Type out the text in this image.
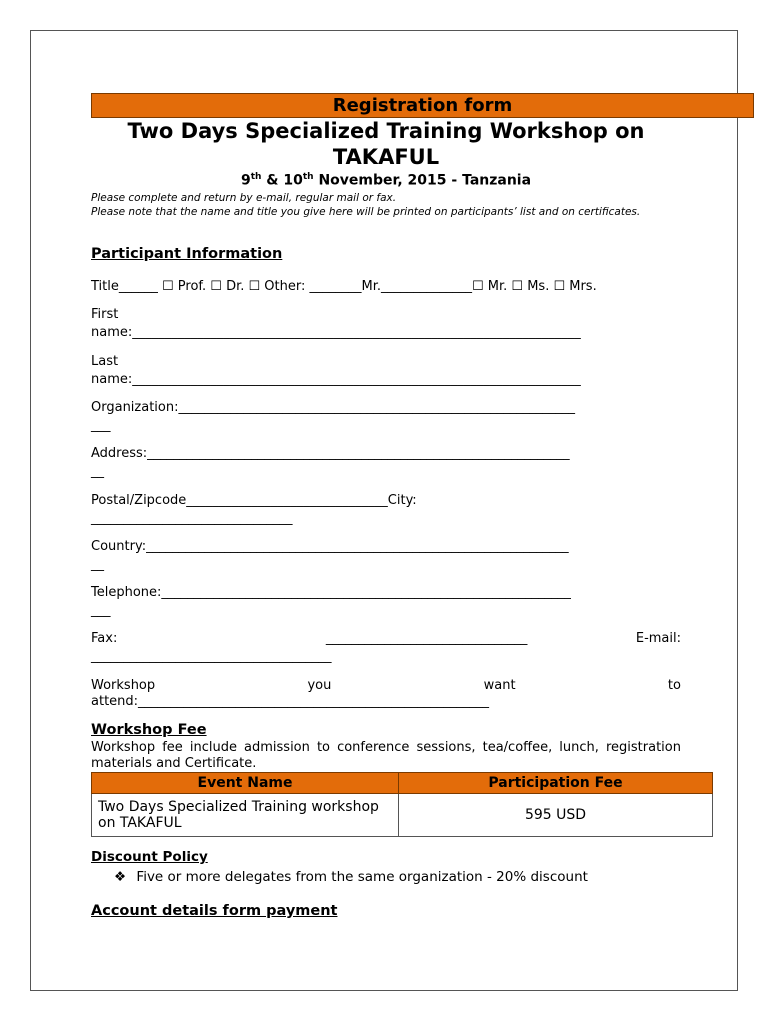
Registration form
Two Days Specialized Training Workshop on
TAKAFUL
9th & 10th November, 2015 - Tanzania
Please complete and return by e-mail, regular mail or fax.
Please note that the name and title you give here will be printed on participants’ list and on certificates.
Participant Information
Title______ ☐ Prof. ☐ Dr. ☐ Other: ________Mr.______________☐ Mr. ☐ Ms. ☐ Mrs.
First
name:_____________________________________________________________________
Last
name:_____________________________________________________________________
Organization:_____________________________________________________________
___
Address:_________________________________________________________________
__
Postal/Zipcode_______________________________City:
_______________________________
Country:_________________________________________________________________
__
Telephone:_______________________________________________________________
___
Fax:	_______________________________	E-mail:
_____________________________________
Workshop	you	want	to
attend:______________________________________________________
Workshop Fee
Workshop fee include admission to conference sessions, tea/coffee, lunch, registration materials and Certificate.
Event Name	Participation Fee
Two Days Specialized Training workshop on TAKAFUL	595 USD
Discount Policy
❖ Five or more delegates from the same organization - 20% discount
Account details form payment
